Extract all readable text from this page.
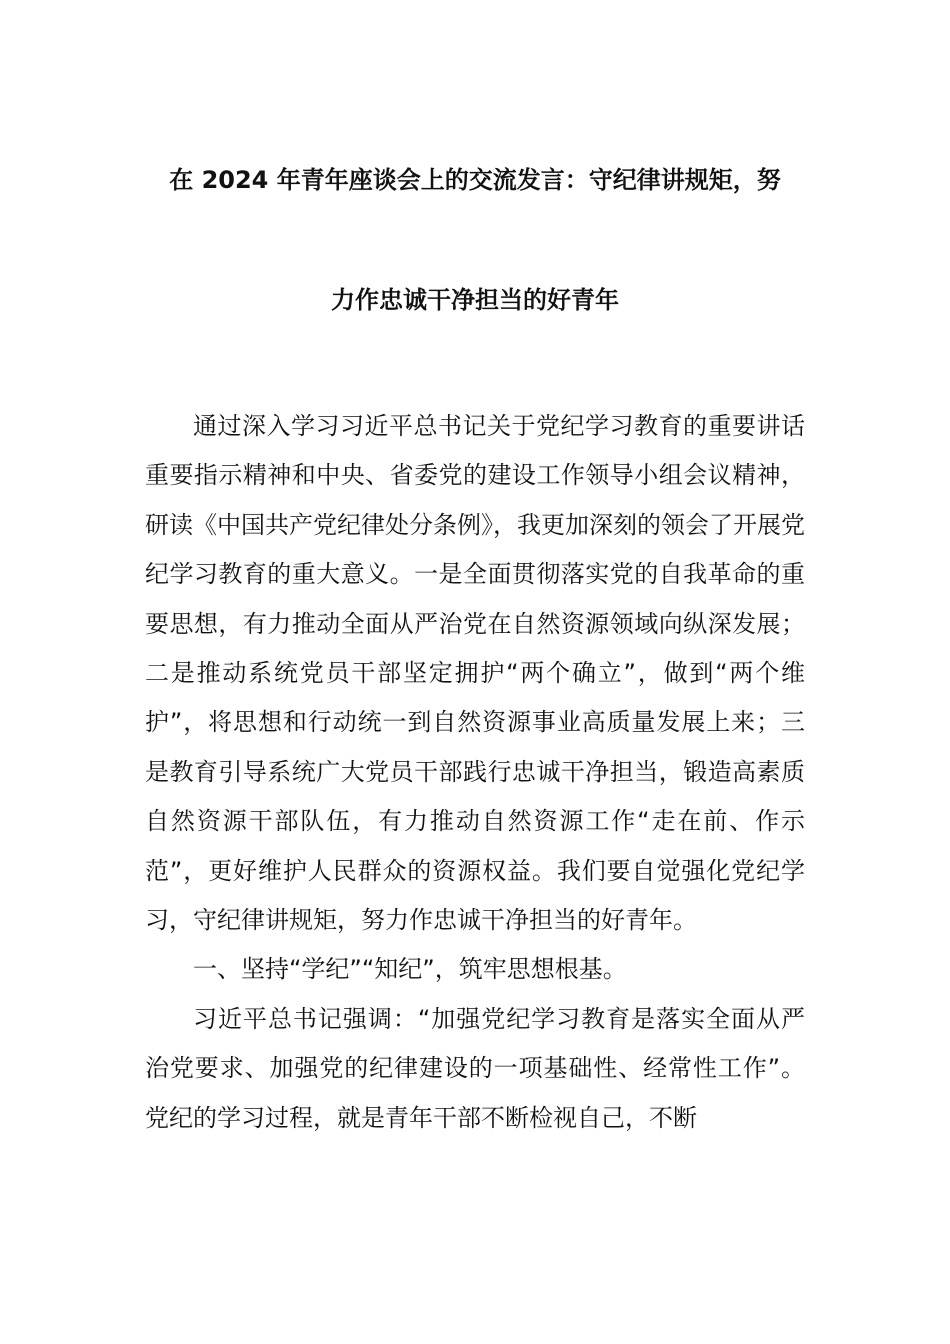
在 2024 年青年座谈会上的交流发言：守纪律讲规矩，努
力作忠诚干净担当的好青年

通过深入学习习近平总书记关于党纪学习教育的重要讲话重要指示精神和中央、省委党的建设工作领导小组会议精神，研读《中国共产党纪律处分条例》，我更加深刻的领会了开展党纪学习教育的重大意义。一是全面贯彻落实党的自我革命的重要思想，有力推动全面从严治党在自然资源领域向纵深发展；二是推动系统党员干部坚定拥护“两个确立”，做到“两个维护”，将思想和行动统一到自然资源事业高质量发展上来；三是教育引导系统广大党员干部践行忠诚干净担当，锻造高素质自然资源干部队伍，有力推动自然资源工作“走在前、作示范”，更好维护人民群众的资源权益。我们要自觉强化党纪学习，守纪律讲规矩，努力作忠诚干净担当的好青年。

一、坚持“学纪”“知纪”，筑牢思想根基。

习近平总书记强调：“加强党纪学习教育是落实全面从严治党要求、加强党的纪律建设的一项基础性、经常性工作”。党纪的学习过程，就是青年干部不断检视自己，不断
